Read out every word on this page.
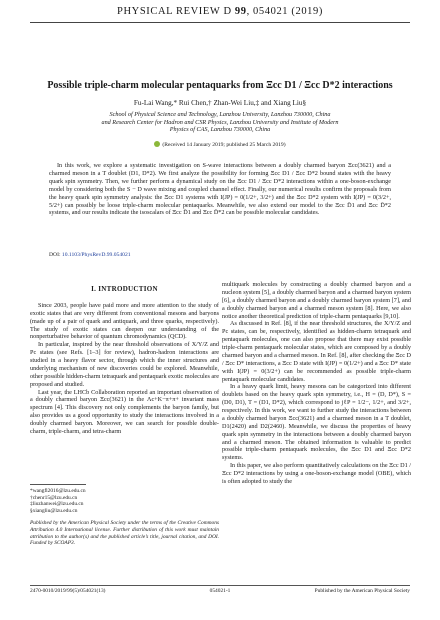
PHYSICAL REVIEW D 99, 054021 (2019)
Possible triple-charm molecular pentaquarks from Ξcc D1 / Ξcc D*2 interactions
Fu-Lai Wang,* Rui Chen,† Zhan-Wei Liu,‡ and Xiang Liu§
School of Physical Science and Technology, Lanzhou University, Lanzhou 730000, China
and Research Center for Hadron and CSR Physics, Lanzhou University and Institute of Modern
Physics of CAS, Lanzhou 730000, China
(Received 14 January 2019; published 25 March 2019)

In this work, we explore a systematic investigation on S-wave interactions between a doubly charmed baryon Ξcc(3621) and a charmed meson in a T doublet (D1, D*2). We first analyze the possibility for forming Ξcc D1 / Ξcc D*2 bound states with the heavy quark spin symmetry. Then, we further perform a dynamical study on the Ξcc D1 / Ξcc D*2 interactions within a one-boson-exchange model by considering both the S − D wave mixing and coupled channel effect. Finally, our numerical results confirm the proposals from the heavy quark spin symmetry analysis: the Ξcc D1 systems with I(JP) = 0(1/2+, 3/2+) and the Ξcc D*2 system with I(JP) = 0(3/2+, 5/2+) can possibly be loose triple-charm molecular pentaquarks. Meanwhile, we also extend our model to the Ξcc D̄1 and Ξcc D̄*2 systems, and our results indicate the isoscalars of Ξcc D̄1 and Ξcc D̄*2 can be possible molecular candidates.

DOI: 10.1103/PhysRevD.99.054021

I. INTRODUCTION

Since 2003, people have paid more and more attention to the study of exotic states that are very different from conventional mesons and baryons (made up of a pair of quark and antiquark, and three quarks, respectively). The study of exotic states can deepen our understanding of the nonperturbative behavior of quantum chromodynamics (QCD).

In particular, inspired by the near threshold observations of X/Y/Z and Pc states (see Refs. [1–3] for review), hadron-hadron interactions are studied in a heavy flavor sector, through which the inner structures and underlying mechanism of new discoveries could be explored. Meanwhile, other possible hidden-charm tetraquark and pentaquark exotic molecules are proposed and studied.

Last year, the LHCb Collaboration reported an important observation of a doubly charmed baryon Ξcc(3621) in the Λc+K−π+π+ invariant mass spectrum [4]. This discovery not only complements the baryon family, but also provides us a good opportunity to study the interactions involved in a doubly charmed baryon. Moreover, we can search for possible double-charm, triple-charm, and tetra-charm

*wangfl2016@lzu.edu.cn
†chenr15@lzu.edu.cn
‡liuzhanwei@lzu.edu.cn
§xiangliu@lzu.edu.cn
Published by the American Physical Society under the terms of the Creative Commons Attribution 4.0 International license. Further distribution of this work must maintain attribution to the author(s) and the published article’s title, journal citation, and DOI. Funded by SCOAP3.

multiquark molecules by constructing a doubly charmed baryon and a nucleon system [5], a doubly charmed baryon and a charmed baryon system [6], a doubly charmed baryon and a doubly charmed baryon system [7], and a doubly charmed baryon and a charmed meson system [8]. Here, we also notice another theoretical prediction of triple-charm pentaquarks [9,10].

As discussed in Ref. [8], if the near threshold structures, the X/Y/Z and Pc states, can be, respectively, identified as hidden-charm tetraquark and pentaquark molecules, one can also propose that there may exist possible triple-charm pentaquark molecular states, which are composed by a doubly charmed baryon and a charmed meson. In Ref. [8], after checking the Ξcc D / Ξcc D* interactions, a Ξcc D state with I(JP) = 0(1/2+) and a Ξcc D* state with I(JP) = 0(3/2+) can be recommended as possible triple-charm pentaquark molecular candidates.

In a heavy quark limit, heavy mesons can be categorized into different doublets based on the heavy quark spin symmetry, i.e., H = (D, D*), S = (D0, D1), T = (D1, D*2), which correspond to jℓP = 1/2−, 1/2+, and 3/2+, respectively. In this work, we want to further study the interactions between a doubly charmed baryon Ξcc(3621) and a charmed meson in a T doublet, D1(2420) and D2(2460). Meanwhile, we discuss the properties of heavy quark spin symmetry in the interactions between a doubly charmed baryon and a charmed meson. The obtained information is valuable to predict possible triple-charm pentaquark molecules, the Ξcc D1 and Ξcc D*2 systems.

In this paper, we also perform quantitatively calculations on the Ξcc D1 / Ξcc D*2 interactions by using a one-boson-exchange model (OBE), which is often adopted to study the

2470-0010/2019/99(5)/054021(13)	054021-1	Published by the American Physical Society
